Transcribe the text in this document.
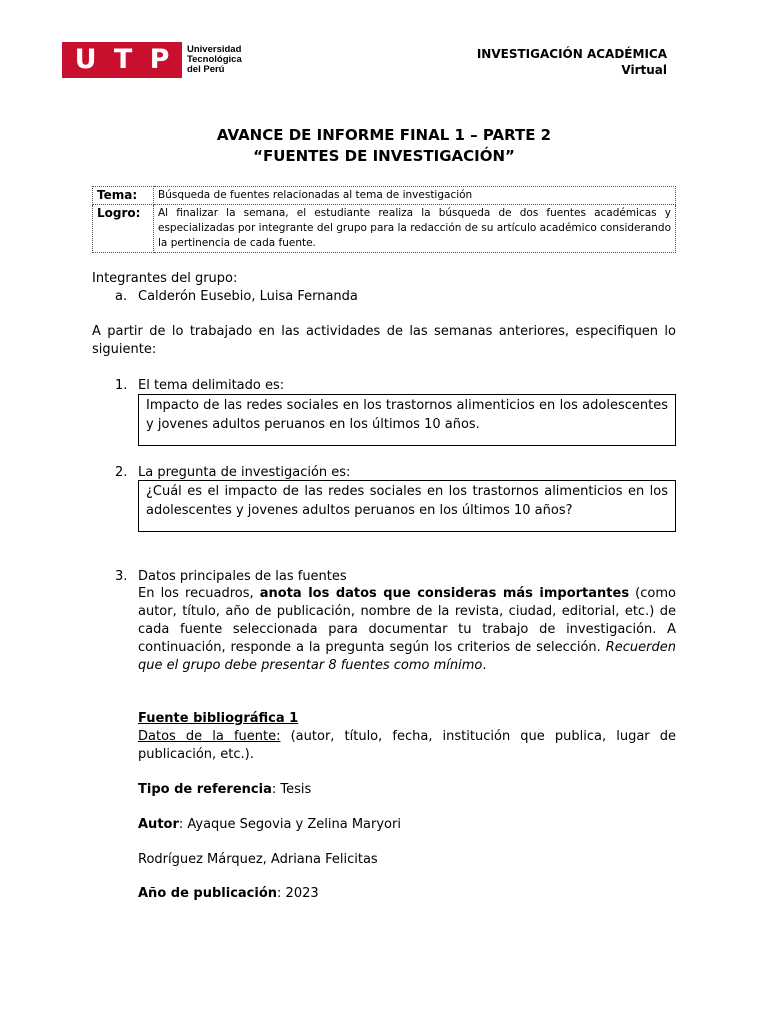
U T P Universidad
Tecnológica
del Perú
INVESTIGACIÓN ACADÉMICA
Virtual
AVANCE DE INFORME FINAL 1 – PARTE 2
“FUENTES DE INVESTIGACIÓN”
Tema:	Búsqueda de fuentes relacionadas al tema de investigación
Logro:	Al finalizar la semana, el estudiante realiza la búsqueda de dos fuentes académicas y especializadas por integrante del grupo para la redacción de su artículo académico considerando la pertinencia de cada fuente.
Integrantes del grupo:
a. Calderón Eusebio, Luisa Fernanda
A partir de lo trabajado en las actividades de las semanas anteriores, especifiquen lo siguiente:
1. El tema delimitado es:
Impacto de las redes sociales en los trastornos alimenticios en los adolescentes y jovenes adultos peruanos en los últimos 10 años.
2. La pregunta de investigación es:
¿Cuál es el impacto de las redes sociales en los trastornos alimenticios en los adolescentes y jovenes adultos peruanos en los últimos 10 años?
3. Datos principales de las fuentes
En los recuadros, anota los datos que consideras más importantes (como autor, título, año de publicación, nombre de la revista, ciudad, editorial, etc.) de cada fuente seleccionada para documentar tu trabajo de investigación. A continuación, responde a la pregunta según los criterios de selección. Recuerden que el grupo debe presentar 8 fuentes como mínimo.
Fuente bibliográfica 1
Datos de la fuente: (autor, título, fecha, institución que publica, lugar de publicación, etc.).
Tipo de referencia: Tesis
Autor: Ayaque Segovia y Zelina Maryori
Rodríguez Márquez, Adriana Felicitas
Año de publicación: 2023
